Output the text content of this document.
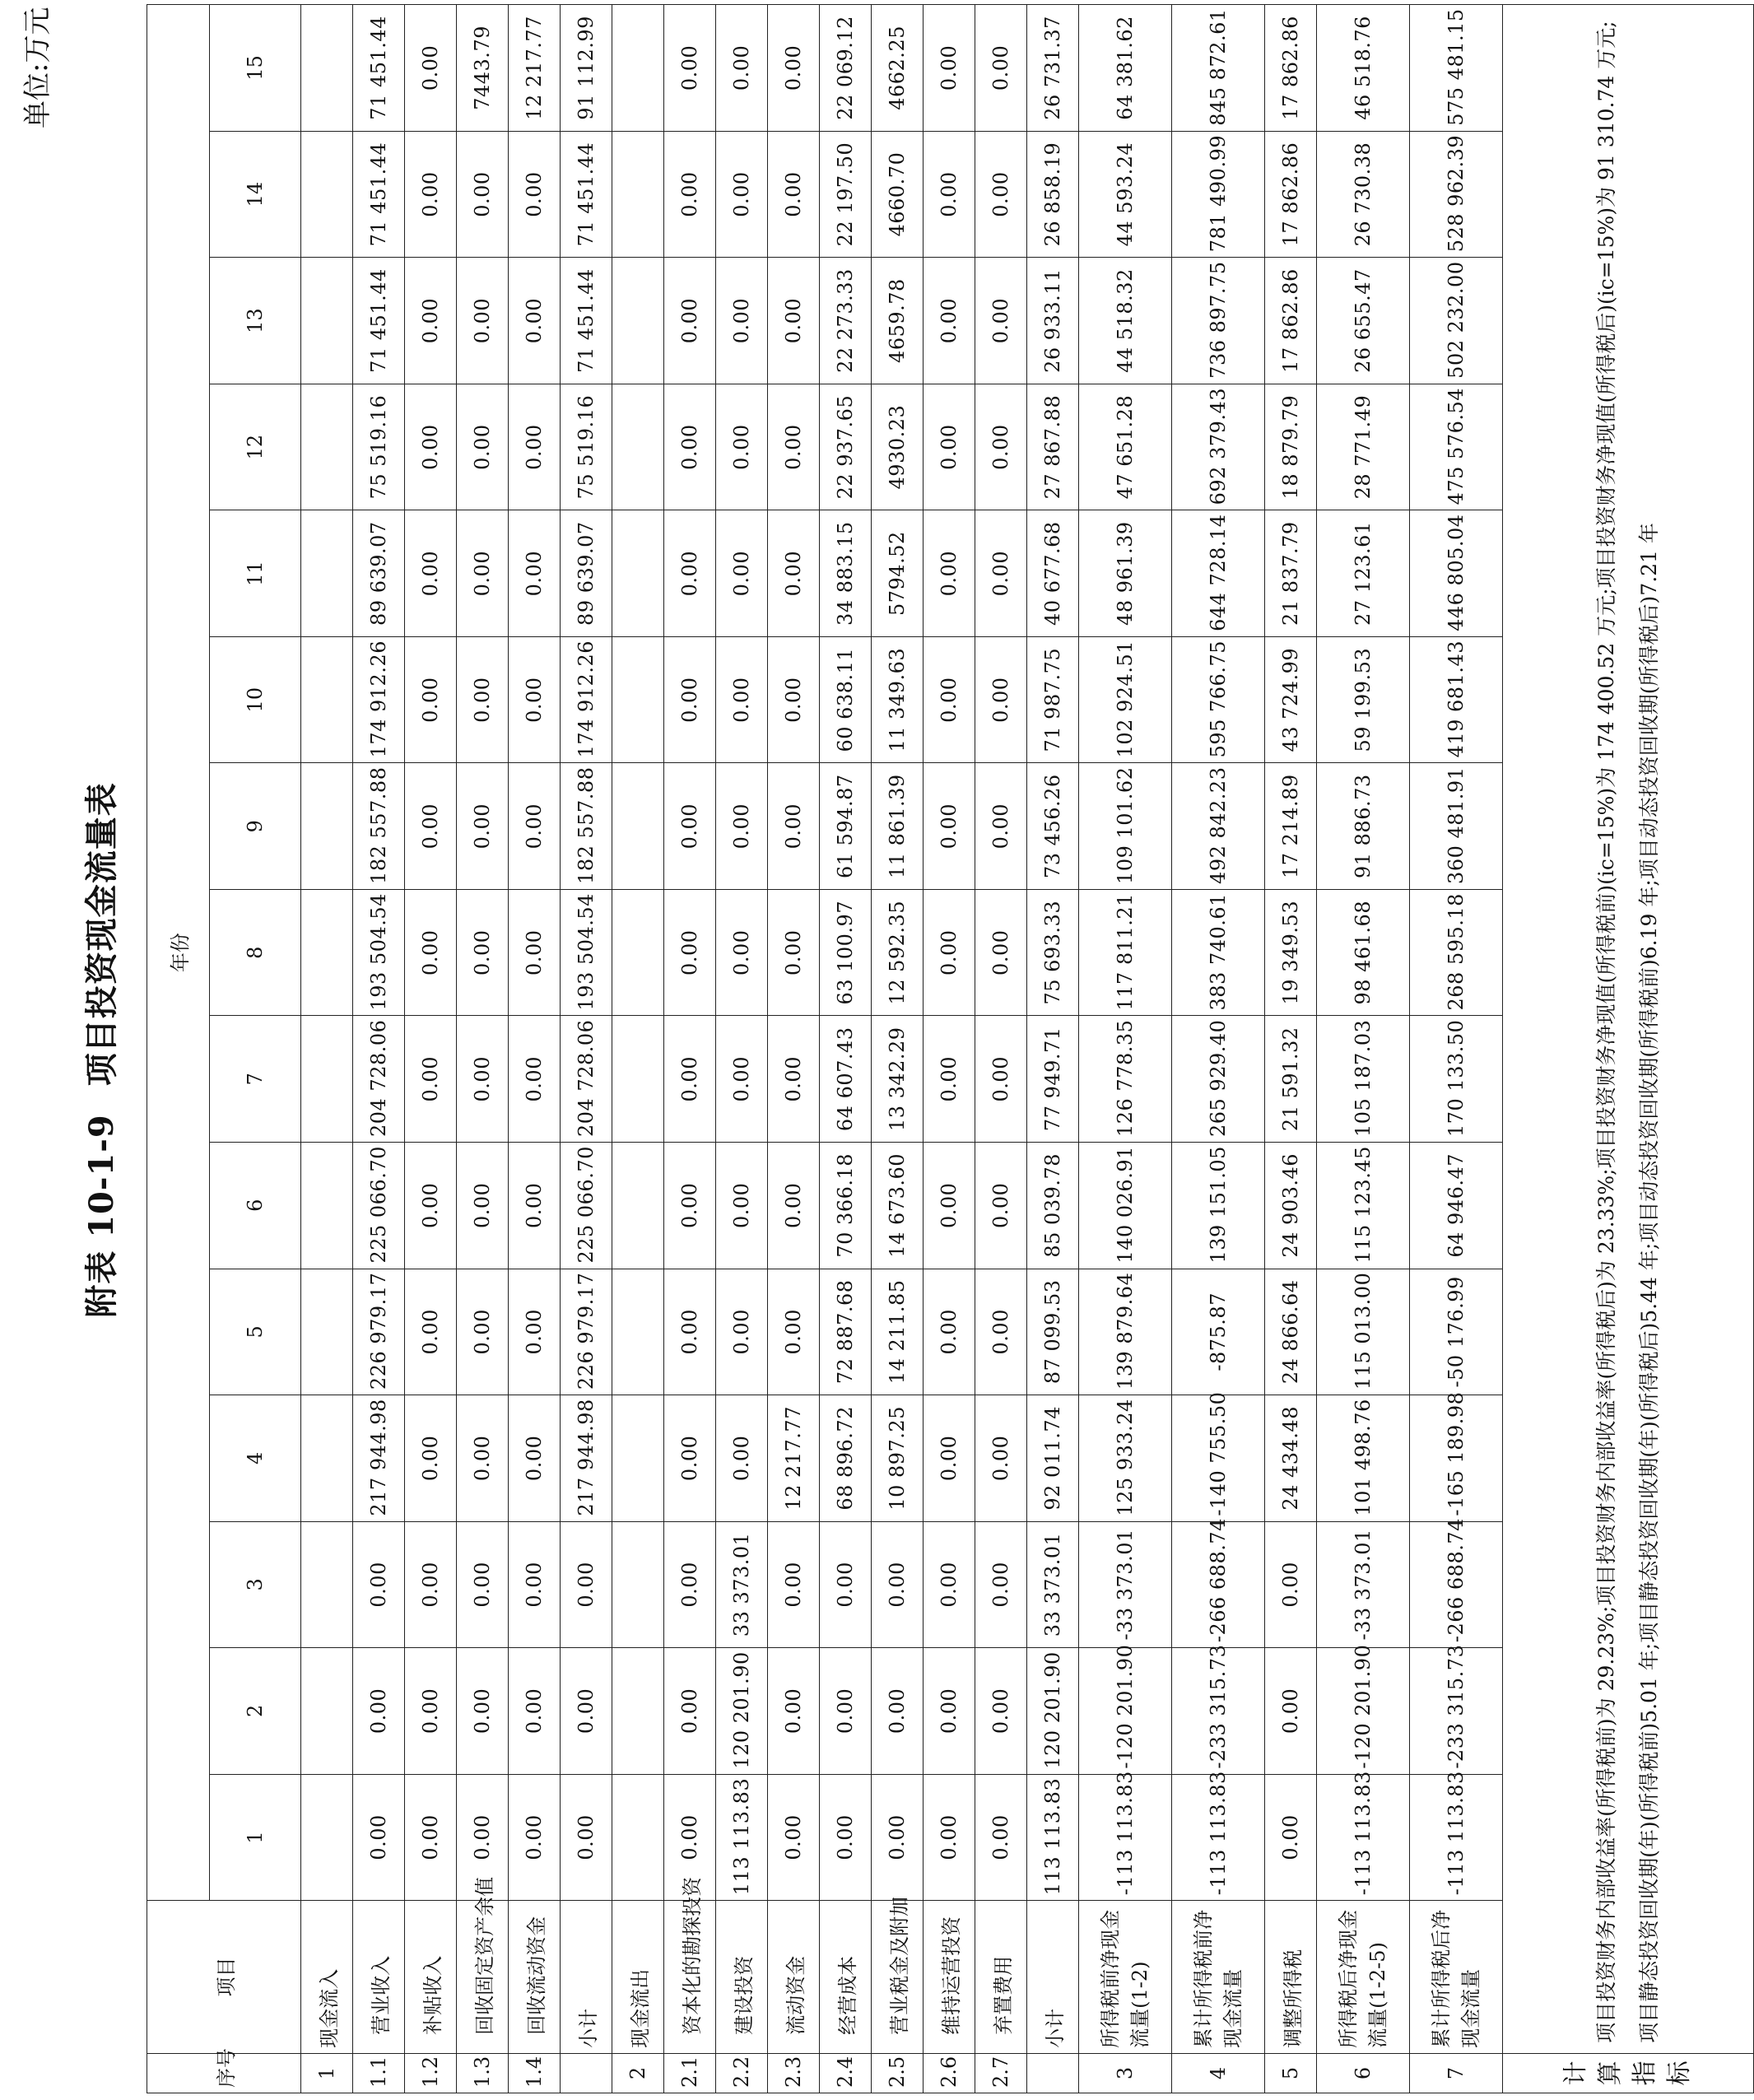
单位:万元
附表 10-1-9项目投资现金流量表
序号	项目	年份														
		1	2	3	4	5	6	7	8	9	10	11	12	13	14	15
1	现金流入															
1.1	营业收入	0.00	0.00	0.00	217 944.98	226 979.17	225 066.70	204 728.06	193 504.54	182 557.88	174 912.26	89 639.07	75 519.16	71 451.44	71 451.44	71 451.44
1.2	补贴收入	0.00	0.00	0.00	0.00	0.00	0.00	0.00	0.00	0.00	0.00	0.00	0.00	0.00	0.00	0.00
1.3	回收固定资产余值	0.00	0.00	0.00	0.00	0.00	0.00	0.00	0.00	0.00	0.00	0.00	0.00	0.00	0.00	7443.79
1.4	回收流动资金	0.00	0.00	0.00	0.00	0.00	0.00	0.00	0.00	0.00	0.00	0.00	0.00	0.00	0.00	12 217.77
	小计	0.00	0.00	0.00	217 944.98	226 979.17	225 066.70	204 728.06	193 504.54	182 557.88	174 912.26	89 639.07	75 519.16	71 451.44	71 451.44	91 112.99
2	现金流出															
2.1	资本化的勘探投资	0.00	0.00	0.00	0.00	0.00	0.00	0.00	0.00	0.00	0.00	0.00	0.00	0.00	0.00	0.00
2.2	建设投资	113 113.83	120 201.90	33 373.01	0.00	0.00	0.00	0.00	0.00	0.00	0.00	0.00	0.00	0.00	0.00	0.00
2.3	流动资金	0.00	0.00	0.00	12 217.77	0.00	0.00	0.00	0.00	0.00	0.00	0.00	0.00	0.00	0.00	0.00
2.4	经营成本	0.00	0.00	0.00	68 896.72	72 887.68	70 366.18	64 607.43	63 100.97	61 594.87	60 638.11	34 883.15	22 937.65	22 273.33	22 197.50	22 069.12
2.5	营业税金及附加	0.00	0.00	0.00	10 897.25	14 211.85	14 673.60	13 342.29	12 592.35	11 861.39	11 349.63	5794.52	4930.23	4659.78	4660.70	4662.25
2.6	维持运营投资	0.00	0.00	0.00	0.00	0.00	0.00	0.00	0.00	0.00	0.00	0.00	0.00	0.00	0.00	0.00
2.7	弃置费用	0.00	0.00	0.00	0.00	0.00	0.00	0.00	0.00	0.00	0.00	0.00	0.00	0.00	0.00	0.00
	小计	113 113.83	120 201.90	33 373.01	92 011.74	87 099.53	85 039.78	77 949.71	75 693.33	73 456.26	71 987.75	40 677.68	27 867.88	26 933.11	26 858.19	26 731.37
3	所得税前净现金流量(1-2)	-113 113.83	-120 201.90	-33 373.01	125 933.24	139 879.64	140 026.91	126 778.35	117 811.21	109 101.62	102 924.51	48 961.39	47 651.28	44 518.32	44 593.24	64 381.62
4	累计所得税前净现金流量	-113 113.83	-233 315.73	-266 688.74	-140 755.50	-875.87	139 151.05	265 929.40	383 740.61	492 842.23	595 766.75	644 728.14	692 379.43	736 897.75	781 490.99	845 872.61
5	调整所得税	0.00	0.00	0.00	24 434.48	24 866.64	24 903.46	21 591.32	19 349.53	17 214.89	43 724.99	21 837.79	18 879.79	17 862.86	17 862.86	17 862.86
6	所得税后净现金流量(1-2-5)	-113 113.83	-120 201.90	-33 373.01	101 498.76	115 013.00	115 123.45	105 187.03	98 461.68	91 886.73	59 199.53	27 123.61	28 771.49	26 655.47	26 730.38	46 518.76
7	累计所得税后净现金流量	-113 113.83	-233 315.73	-266 688.74	-165 189.98	-50 176.99	64 946.47	170 133.50	268 595.18	360 481.91	419 681.43	446 805.04	475 576.54	502 232.00	528 962.39	575 481.15
计算指标	项目投资财务内部收益率(所得税前)为 29.23%;项目投资财务内部收益率(所得税后)为 23.33%;项目投资财务净现值(所得税前)(ic=15%)为 174 400.52 万元;项目投资财务净现值(所得税后)(ic=15%)为 91 310.74 万元;项目静态投资回收期(年)(所得税前)5.01 年;项目静态投资回收期(年)(所得税后)5.44 年;项目动态投资回收期(所得税前)6.19 年;项目动态投资回收期(所得税后)7.21 年															
